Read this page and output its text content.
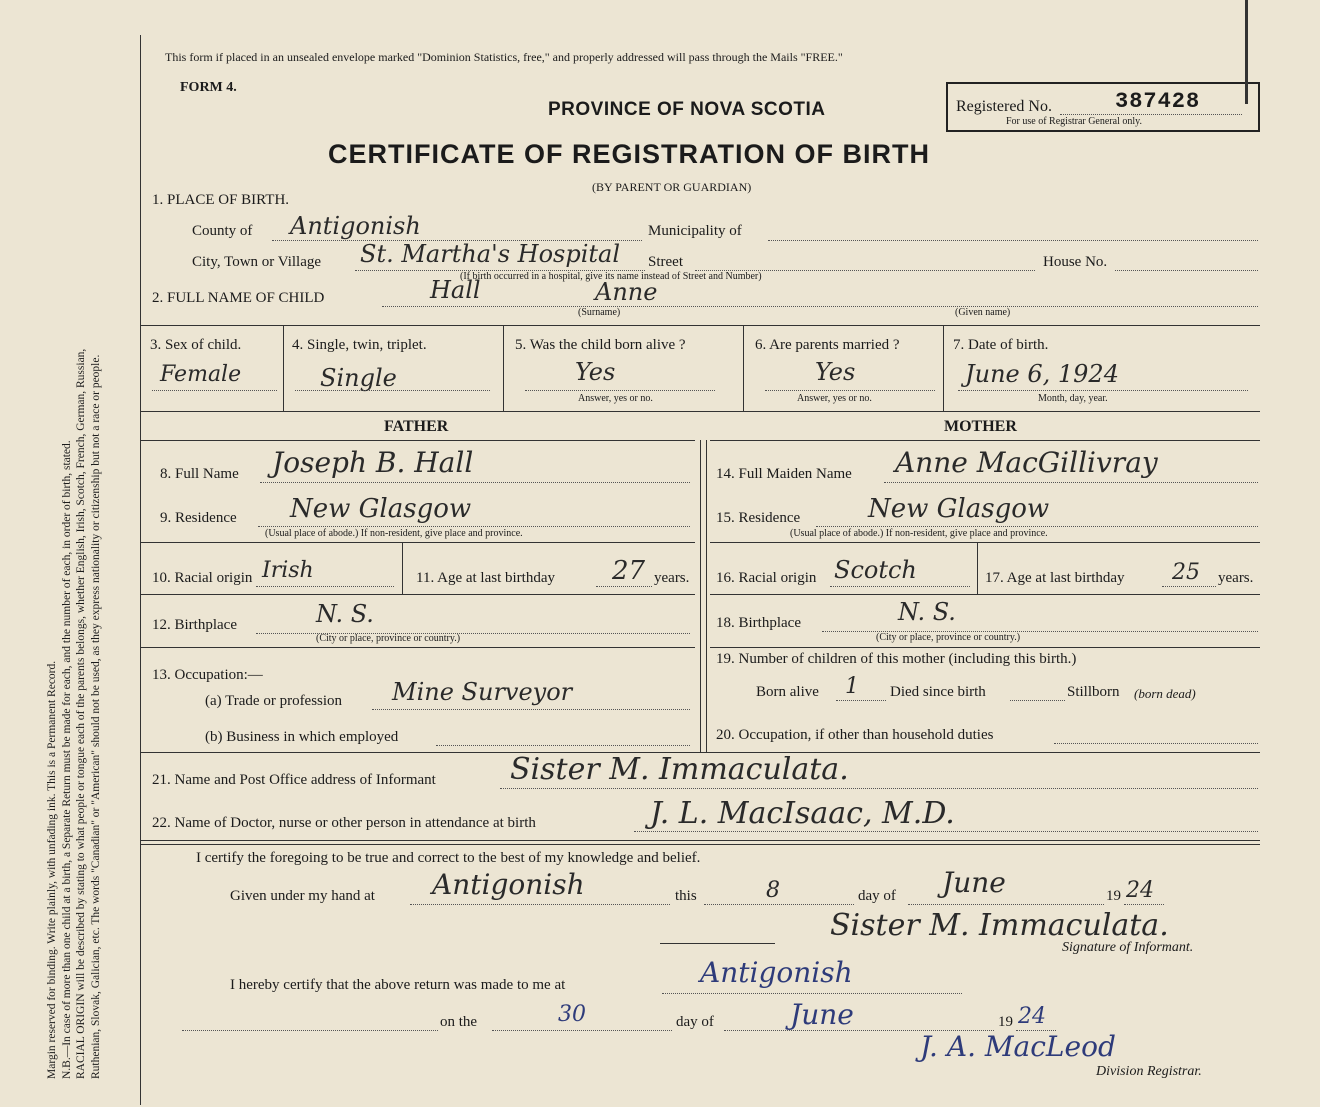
Margin reserved for binding. Write plainly, with unfading ink. This is a Permanent Record. N.B.—In case of more than one child at a birth, a Separate Return must be made for each, and the number of each, in order of birth, stated. RACIAL ORIGIN will be described by stating to what people or tongue each of the parents belongs, whether English, Irish, Scotch, French, German, Russian, Ruthenian, Slovak, Galician, etc. The words "Canadian" or "American" should not be used, as they express nationality or citizenship but not a race or people.
This form if placed in an unsealed envelope marked "Dominion Statistics, free," and properly addressed will pass through the Mails "FREE."
FORM 4.
PROVINCE OF NOVA SCOTIA
CERTIFICATE OF REGISTRATION OF BIRTH
(BY PARENT OR GUARDIAN)
Registered No.	387428
For use of Registrar General only.
1. PLACE OF BIRTH.
County of Antigonish	Municipality of
City, Town or Village St. Martha's Hospital Street
(If birth occurred in a hospital, give its name instead of Street and Number)
House No.
2. FULL NAME OF CHILD	Hall	Anne
(Surname)	(Given name)
3. Sex of child.
Female
4. Single, twin, triplet.
Single
5. Was the child born alive ?
Yes
Answer, yes or no.
6. Are parents married ?
Yes
Answer, yes or no.
7. Date of birth.
June 6, 1924
Month, day, year.
FATHER	MOTHER
8. Full Name Joseph B. Hall
9. Residence New Glasgow
(Usual place of abode.) If non-resident, give place and province.
10. Racial origin Irish	11. Age at last birthday 27 years.
12. Birthplace	N. S.
(City or place, province or country.)
13. Occupation:—
(a) Trade or profession Mine Surveyor
(b) Business in which employed
14. Full Maiden Name Anne MacGillivray
15. Residence	New Glasgow
(Usual place of abode.) If non-resident, give place and province.
16. Racial origin Scotch	17. Age at last birthday 25 years.
18. Birthplace	N. S.
(City or place, province or country.)
19. Number of children of this mother (including this birth.)
Born alive 1 Died since birth	Stillborn (born dead)
20. Occupation, if other than household duties
21. Name and Post Office address of Informant Sister M. Immaculata.
22. Name of Doctor, nurse or other person in attendance at birth	J. L. MacIsaac, M.D.
I certify the foregoing to be true and correct to the best of my knowledge and belief.
Given under my hand at Antigonish	this	8	day of June	19 24
Sister M. Immaculata.
Signature of Informant.
I hereby certify that the above return was made to me at	Antigonish
on the	30	day of	June	19 24
J. A. MacLeod
Division Registrar.
